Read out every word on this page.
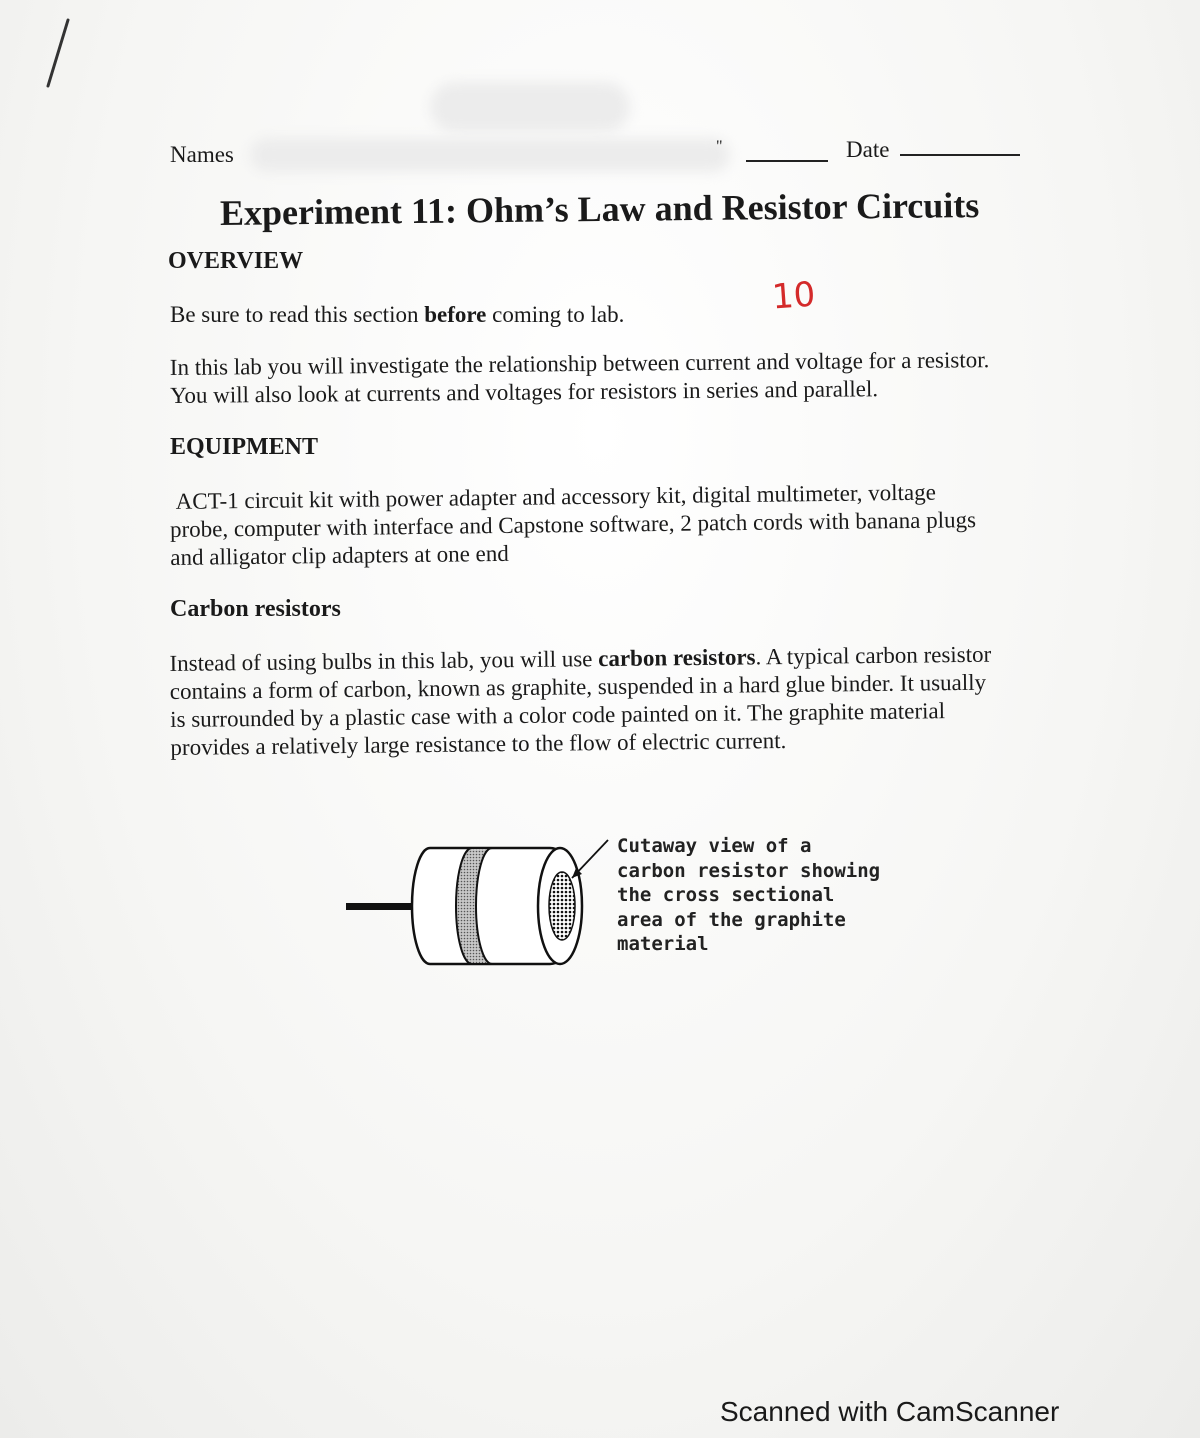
Names	"	Date
Experiment 11: Ohm’s Law and Resistor Circuits
OVERVIEW
Be sure to read this section before coming to lab.	10
In this lab you will investigate the relationship between current and voltage for a resistor.
You will also look at currents and voltages for resistors in series and parallel.
EQUIPMENT
ACT-1 circuit kit with power adapter and accessory kit, digital multimeter, voltage
probe, computer with interface and Capstone software, 2 patch cords with banana plugs
and alligator clip adapters at one end
Carbon resistors
Instead of using bulbs in this lab, you will use carbon resistors. A typical carbon resistor
contains a form of carbon, known as graphite, suspended in a hard glue binder. It usually
is surrounded by a plastic case with a color code painted on it. The graphite material
provides a relatively large resistance to the flow of electric current.
Cutaway view of a
carbon resistor showing
the cross sectional
area of the graphite
material
Scanned with CamScanner
